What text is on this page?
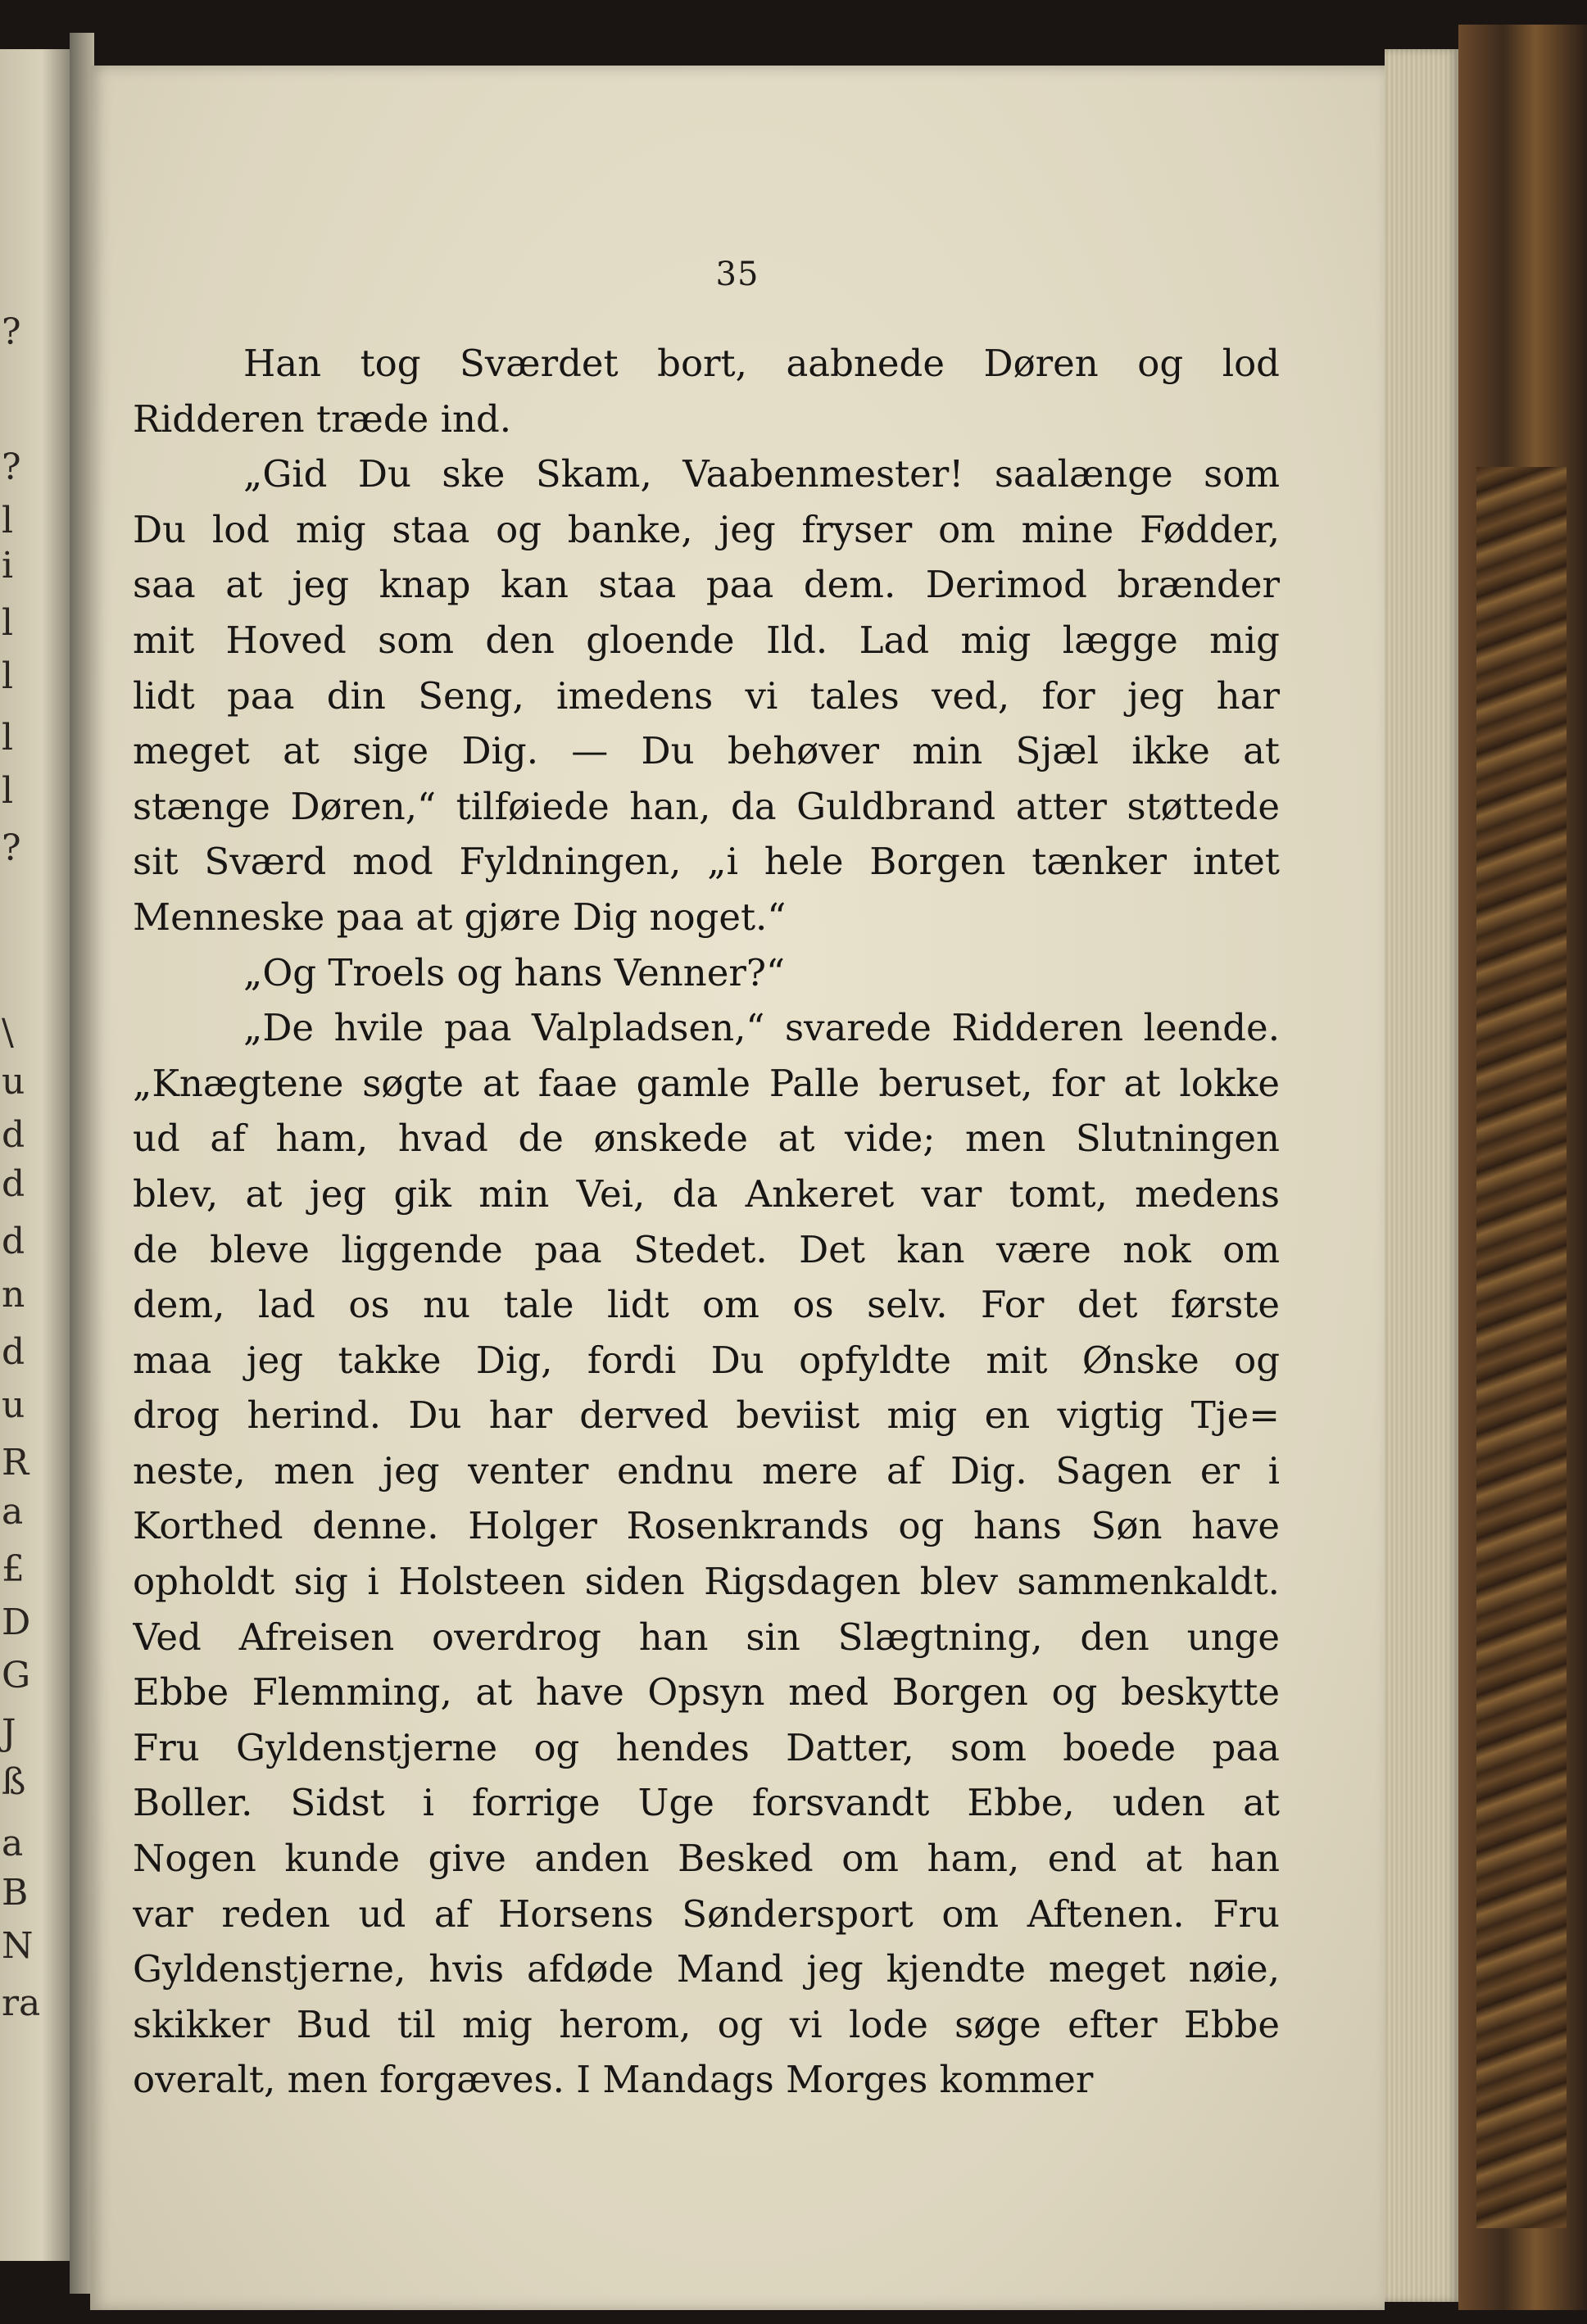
?
?
l
i
l
l
l
l
?
\
u
d
d
d
n
d
u
R
a
£
D
G
J
ß
a
B
N
ra
35
Han tog Sværdet bort, aabnede Døren og lod
Ridderen træde ind.
„Gid Du ske Skam, Vaabenmester! saalænge som
Du lod mig staa og banke, jeg fryser om mine Fødder,
saa at jeg knap kan staa paa dem. Derimod brænder
mit Hoved som den gloende Ild. Lad mig lægge mig
lidt paa din Seng, imedens vi tales ved, for jeg har
meget at sige Dig. — Du behøver min Sjæl ikke at
stænge Døren,“ tilføiede han, da Guldbrand atter støttede
sit Sværd mod Fyldningen, „i hele Borgen tænker intet
Menneske paa at gjøre Dig noget.“
„Og Troels og hans Venner?“
„De hvile paa Valpladsen,“ svarede Ridderen leende.
„Knægtene søgte at faae gamle Palle beruset, for at lokke
ud af ham, hvad de ønskede at vide; men Slutningen
blev, at jeg gik min Vei, da Ankeret var tomt, medens
de bleve liggende paa Stedet. Det kan være nok om
dem, lad os nu tale lidt om os selv. For det første
maa jeg takke Dig, fordi Du opfyldte mit Ønske og
drog herind. Du har derved beviist mig en vigtig Tje=
neste, men jeg venter endnu mere af Dig. Sagen er i
Korthed denne. Holger Rosenkrands og hans Søn have
opholdt sig i Holsteen siden Rigsdagen blev sammenkaldt.
Ved Afreisen overdrog han sin Slægtning, den unge
Ebbe Flemming, at have Opsyn med Borgen og beskytte
Fru Gyldenstjerne og hendes Datter, som boede paa
Boller. Sidst i forrige Uge forsvandt Ebbe, uden at
Nogen kunde give anden Besked om ham, end at han
var reden ud af Horsens Søndersport om Aftenen. Fru
Gyldenstjerne, hvis afdøde Mand jeg kjendte meget nøie,
skikker Bud til mig herom, og vi lode søge efter Ebbe
overalt, men forgæves. I Mandags Morges kommer
